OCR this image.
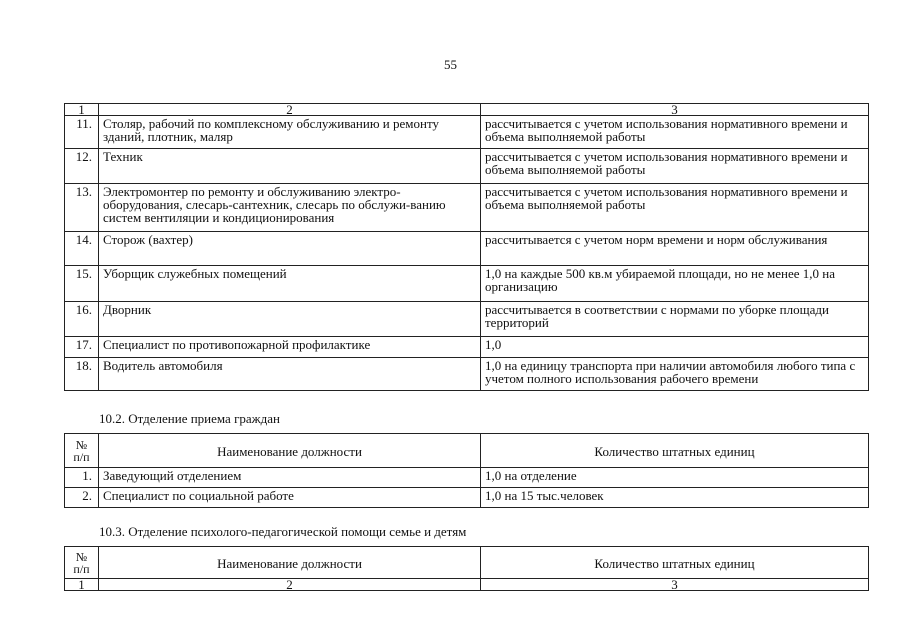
55
1	2	3
11.	Столяр, рабочий по комплексному обслуживанию и ремонту зданий, плотник, маляр	рассчитывается с учетом использования нормативного времени и объема выполняемой работы
12.	Техник	рассчитывается с учетом использования нормативного времени и объема выполняемой работы
13.	Электромонтер по ремонту и обслуживанию электро-оборудования, слесарь-сантехник, слесарь по обслужи-ванию систем вентиляции и кондиционирования	рассчитывается с учетом использования нормативного времени и объема выполняемой работы
14.	Сторож (вахтер)	рассчитывается с учетом норм времени и норм обслуживания
15.	Уборщик служебных помещений	1,0 на каждые 500 кв.м убираемой площади, но не менее 1,0 на организацию
16.	Дворник	рассчитывается в соответствии с нормами по уборке площади территорий
17.	Специалист по противопожарной профилактике	1,0
18.	Водитель автомобиля	1,0 на единицу транспорта при наличии автомобиля любого типа с учетом полного использования рабочего времени
10.2. Отделение приема граждан
№
п/п	Наименование должности	Количество штатных единиц
1.	Заведующий отделением	1,0 на отделение
2.	Специалист по социальной работе	1,0 на 15 тыс.человек
10.3. Отделение психолого-педагогической помощи семье и детям
№
п/п	Наименование должности	Количество штатных единиц
1	2	3
